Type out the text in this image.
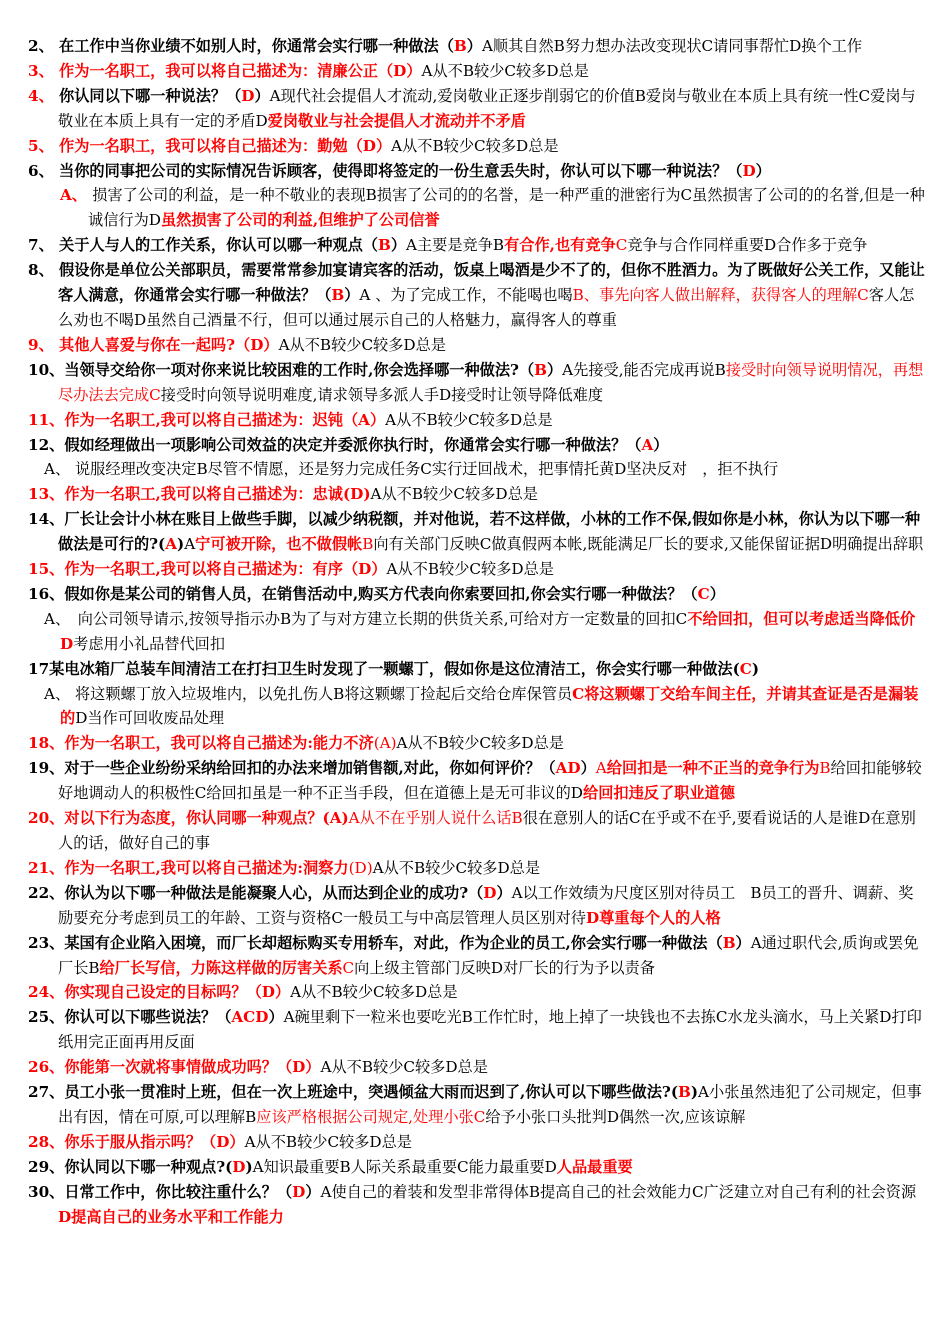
2、 在工作中当你业绩不如别人时，你通常会实行哪一种做法（B）A顺其自然B努力想办法改变现状C请同事帮忙D换个工作
3、 作为一名职工，我可以将自己描述为：清廉公正（D）A从不B较少C较多D总是
4、 你认同以下哪一种说法？（D）A现代社会提倡人才流动,爱岗敬业正逐步削弱它的价值B爱岗与敬业在本质上具有统一性C爱岗与敬业在本质上具有一定的矛盾D爱岗敬业与社会提倡人才流动并不矛盾
5、 作为一名职工，我可以将自己描述为：勤勉（D）A从不B较少C较多D总是
6、 当你的同事把公司的实际情况告诉顾客，使得即将签定的一份生意丢失时，你认可以下哪一种说法？（D）
A、 损害了公司的利益，是一种不敬业的表现B损害了公司的的名誉，是一种严重的泄密行为C虽然损害了公司的的名誉,但是一种诚信行为D虽然损害了公司的利益,但维护了公司信誉
7、 关于人与人的工作关系，你认可以哪一种观点（B）A主要是竞争B有合作,也有竞争C竞争与合作同样重要D合作多于竞争
8、 假设你是单位公关部职员，需要常常参加宴请宾客的活动，饭桌上喝酒是少不了的，但你不胜酒力。为了既做好公关工作，又能让客人满意，你通常会实行哪一种做法？（B）A 、为了完成工作，不能喝也喝B、事先向客人做出解释，获得客人的理解C客人怎么劝也不喝D虽然自己酒量不行，但可以通过展示自己的人格魅力，赢得客人的尊重
9、 其他人喜爱与你在一起吗?（D）A从不B较少C较多D总是
10、当领导交给你一项对你来说比较困难的工作时,你会选择哪一种做法?（B）A先接受,能否完成再说B接受时向领导说明情况，再想尽办法去完成C接受时向领导说明难度,请求领导多派人手D接受时让领导降低难度
11、作为一名职工,我可以将自己描述为：迟钝（A）A从不B较少C较多D总是
12、假如经理做出一项影响公司效益的决定并委派你执行时，你通常会实行哪一种做法？（A）
A、 说服经理改变决定B尽管不情愿，还是努力完成任务C实行迂回战术，把事情托黄D坚决反对　，拒不执行
13、作为一名职工,我可以将自己描述为：忠诚(D)A从不B较少C较多D总是
14、厂长让会计小林在账目上做些手脚，以减少纳税额，并对他说，若不这样做，小林的工作不保,假如你是小林，你认为以下哪一种做法是可行的?(A)A宁可被开除，也不做假帐B向有关部门反映C做真假两本帐,既能满足厂长的要求,又能保留证据D明确提出辞职
15、作为一名职工,我可以将自己描述为：有序（D）A从不B较少C较多D总是
16、假如你是某公司的销售人员，在销售活动中,购买方代表向你索要回扣,你会实行哪一种做法？（C）
A、　向公司领导请示,按领导指示办B为了与对方建立长期的供货关系,可给对方一定数量的回扣C不给回扣，但可以考虑适当降低价D考虑用小礼品替代回扣
17某电冰箱厂总装车间清洁工在打扫卫生时发现了一颗螺丁，假如你是这位清洁工，你会实行哪一种做法(C)
A、 将这颗螺丁放入垃圾堆内，以免扎伤人B将这颗螺丁捡起后交给仓库保管员C将这颗螺丁交给车间主任，并请其查证是否是漏装的D当作可回收废品处理
18、作为一名职工，我可以将自己描述为:能力不济(A)A从不B较少C较多D总是
19、对于一些企业纷纷采纳给回扣的办法来增加销售额,对此，你如何评价？（AD）A给回扣是一种不正当的竞争行为B给回扣能够较好地调动人的积极性C给回扣虽是一种不正当手段，但在道德上是无可非议的D给回扣违反了职业道德
20、对以下行为态度，你认同哪一种观点？(A)A从不在乎别人说什么话B很在意别人的话C在乎或不在乎,要看说话的人是谁D在意别人的话，做好自己的事
21、作为一名职工,我可以将自己描述为:洞察力(D)A从不B较少C较多D总是
22、你认为以下哪一种做法是能凝聚人心，从而达到企业的成功?（D）A以工作效绩为尺度区别对待员工　B员工的晋升、调薪、奖励要充分考虑到员工的年龄、工资与资格C一般员工与中高层管理人员区别对待D尊重每个人的人格
23、某国有企业陷入困境，而厂长却超标购买专用轿车，对此，作为企业的员工,你会实行哪一种做法（B）A通过职代会,质询或罢免厂长B给厂长写信，力陈这样做的厉害关系C向上级主管部门反映D对厂长的行为予以责备
24、你实现自己设定的目标吗？（D）A从不B较少C较多D总是
25、你认可以下哪些说法？（ACD）A碗里剩下一粒米也要吃光B工作忙时，地上掉了一块钱也不去拣C水龙头滴水，马上关紧D打印纸用完正面再用反面
26、你能第一次就将事情做成功吗？（D）A从不B较少C较多D总是
27、员工小张一贯准时上班，但在一次上班途中，突遇倾盆大雨而迟到了,你认可以下哪些做法?(B)A小张虽然违犯了公司规定，但事出有因，情在可原,可以理解B应该严格根据公司规定,处理小张C给予小张口头批判D偶然一次,应该谅解
28、你乐于服从指示吗？（D）A从不B较少C较多D总是
29、你认同以下哪一种观点?(D)A知识最重要B人际关系最重要C能力最重要D人品最重要
30、日常工作中，你比较注重什么？（D）A使自己的着装和发型非常得体B提高自己的社会效能力C广泛建立对自己有利的社会资源　D提高自己的业务水平和工作能力
